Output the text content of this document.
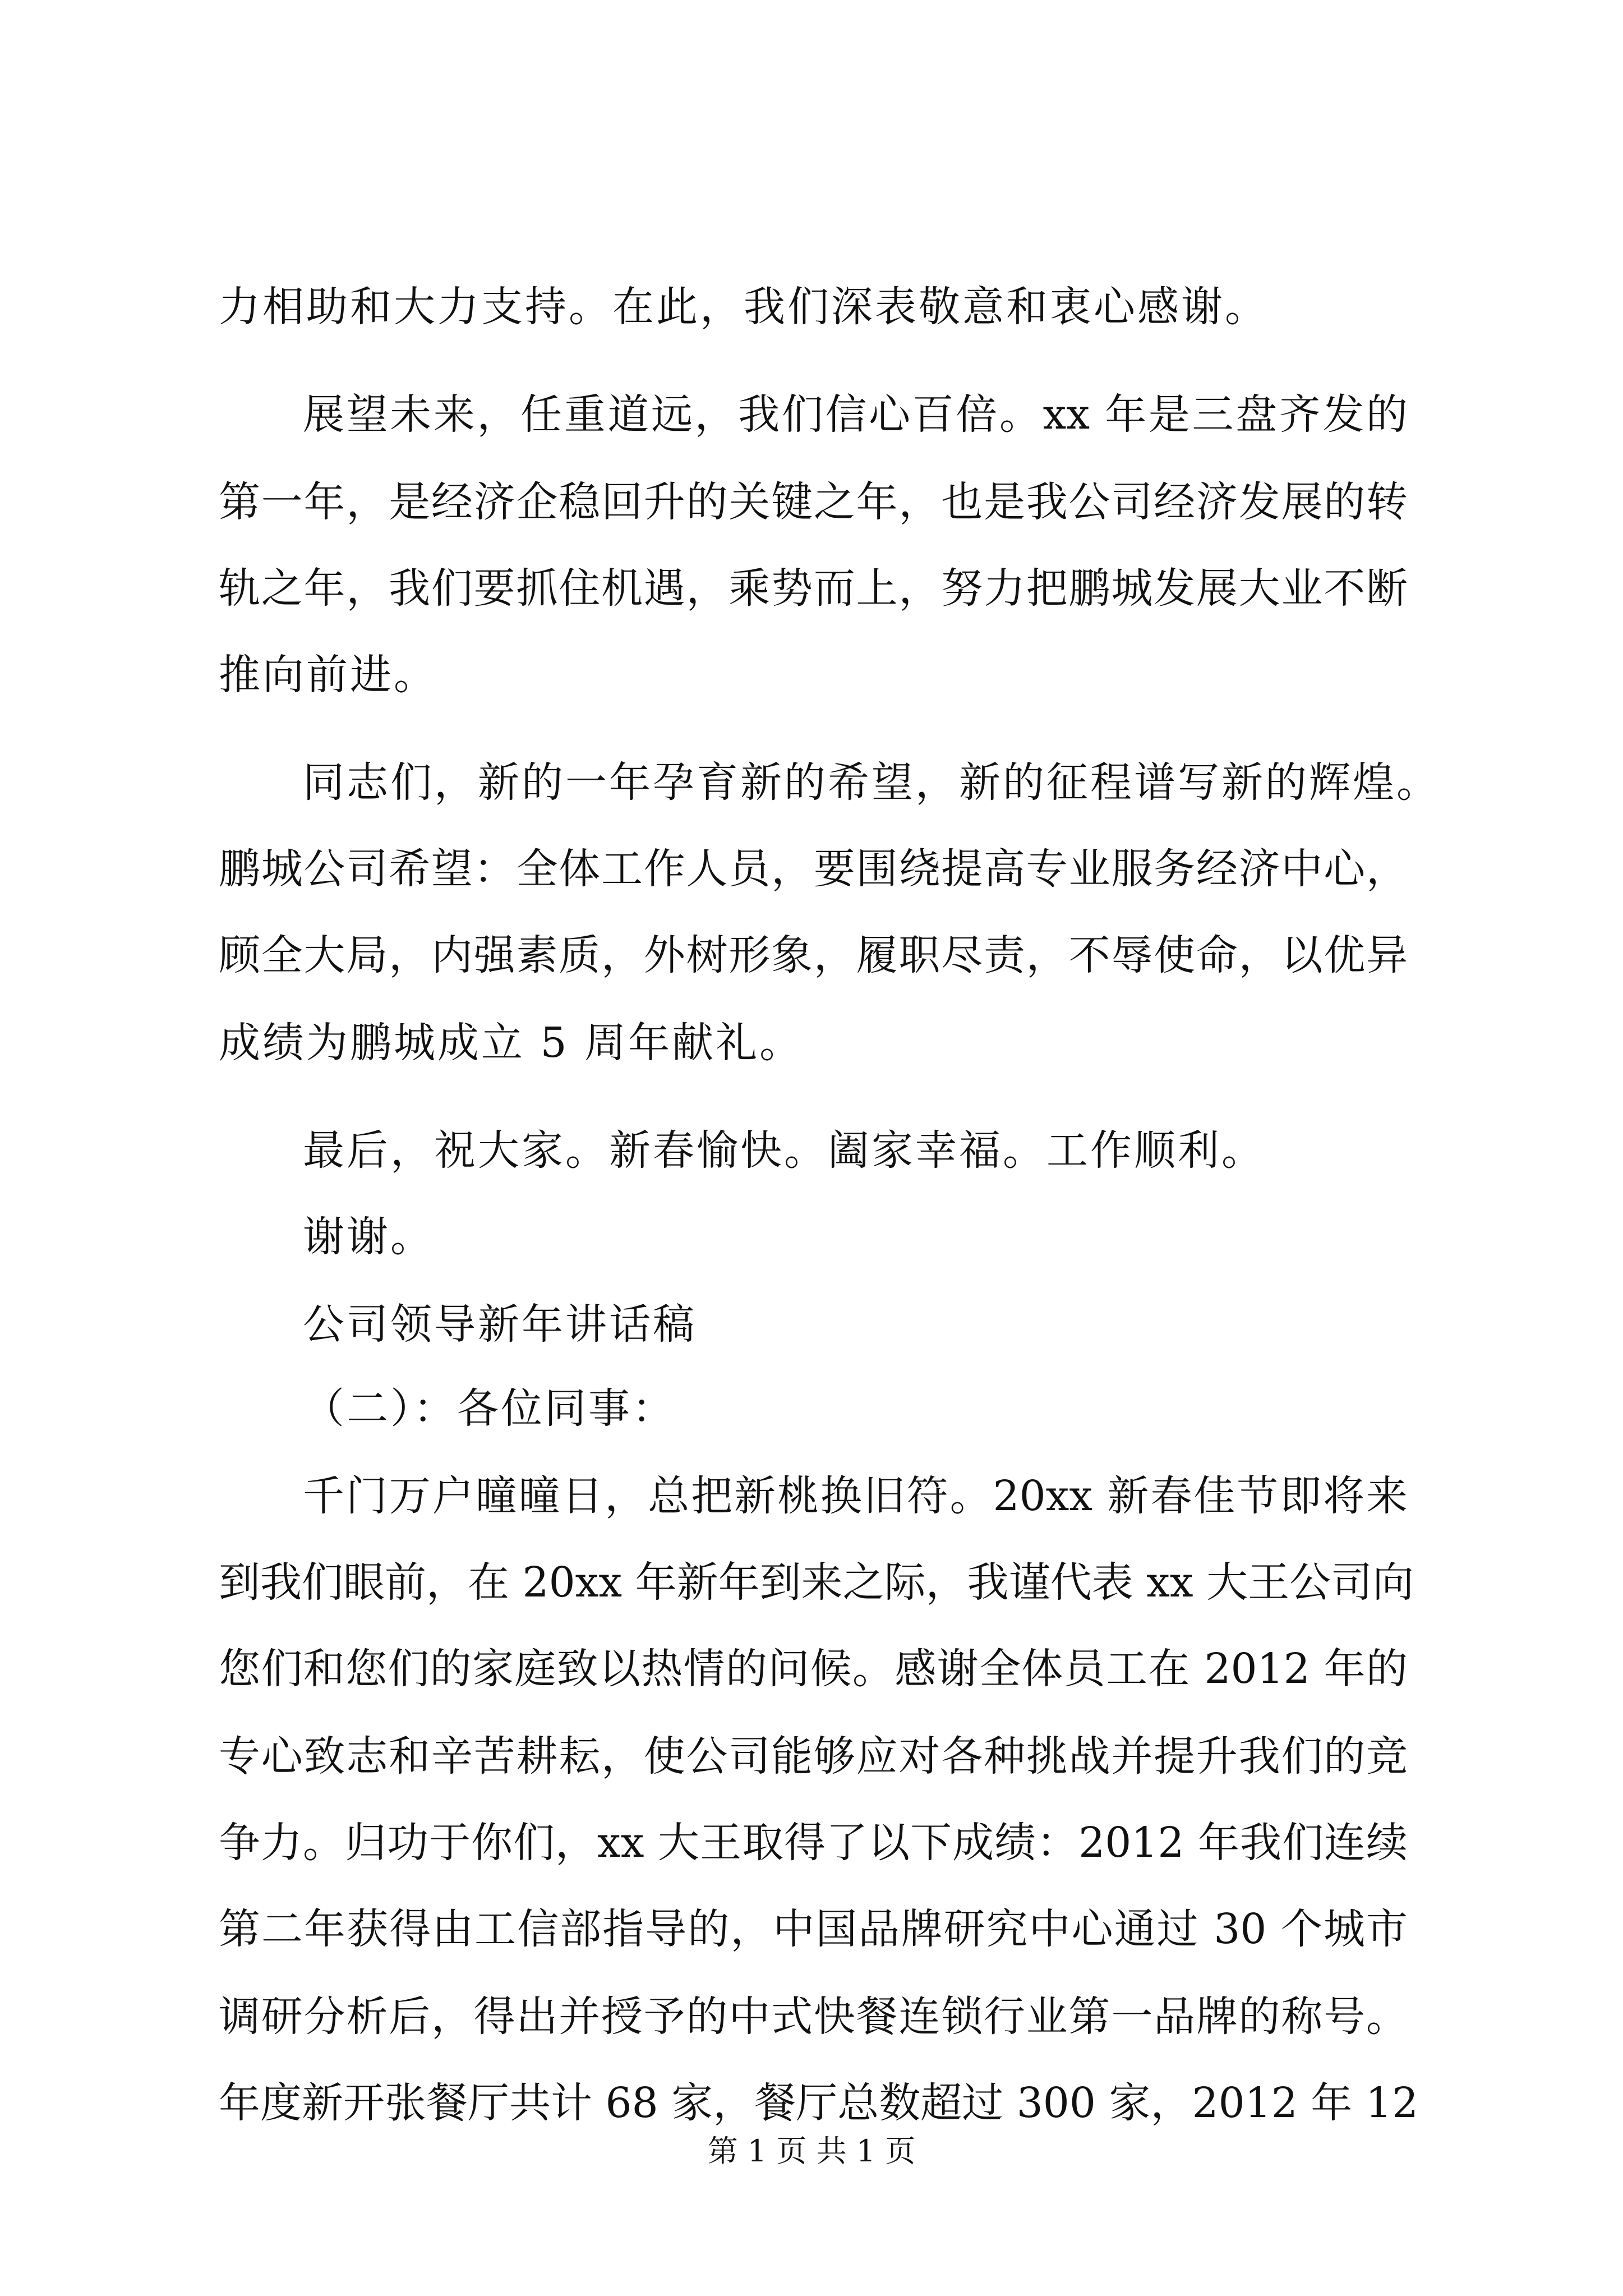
力相助和大力支持。在此，我们深表敬意和衷心感谢。
展望未来，任重道远，我们信心百倍。xx 年是三盘齐发的
第一年，是经济企稳回升的关键之年，也是我公司经济发展的转
轨之年，我们要抓住机遇，乘势而上，努力把鹏城发展大业不断
推向前进。
同志们，新的一年孕育新的希望，新的征程谱写新的辉煌。
鹏城公司希望：全体工作人员，要围绕提高专业服务经济中心，
顾全大局，内强素质，外树形象，履职尽责，不辱使命，以优异
成绩为鹏城成立 5 周年献礼。
最后，祝大家。新春愉快。阖家幸福。工作顺利。
谢谢。
公司领导新年讲话稿
（二）：各位同事：
千门万户曈曈日，总把新桃换旧符。20xx 新春佳节即将来
到我们眼前，在 20xx 年新年到来之际，我谨代表 xx 大王公司向
您们和您们的家庭致以热情的问候。感谢全体员工在 2012 年的
专心致志和辛苦耕耘，使公司能够应对各种挑战并提升我们的竞
争力。归功于你们，xx 大王取得了以下成绩：2012 年我们连续
第二年获得由工信部指导的，中国品牌研究中心通过 30 个城市
调研分析后，得出并授予的中式快餐连锁行业第一品牌的称号。
年度新开张餐厅共计 68 家，餐厅总数超过 300 家，2012 年 12
第 1 页 共 1 页
